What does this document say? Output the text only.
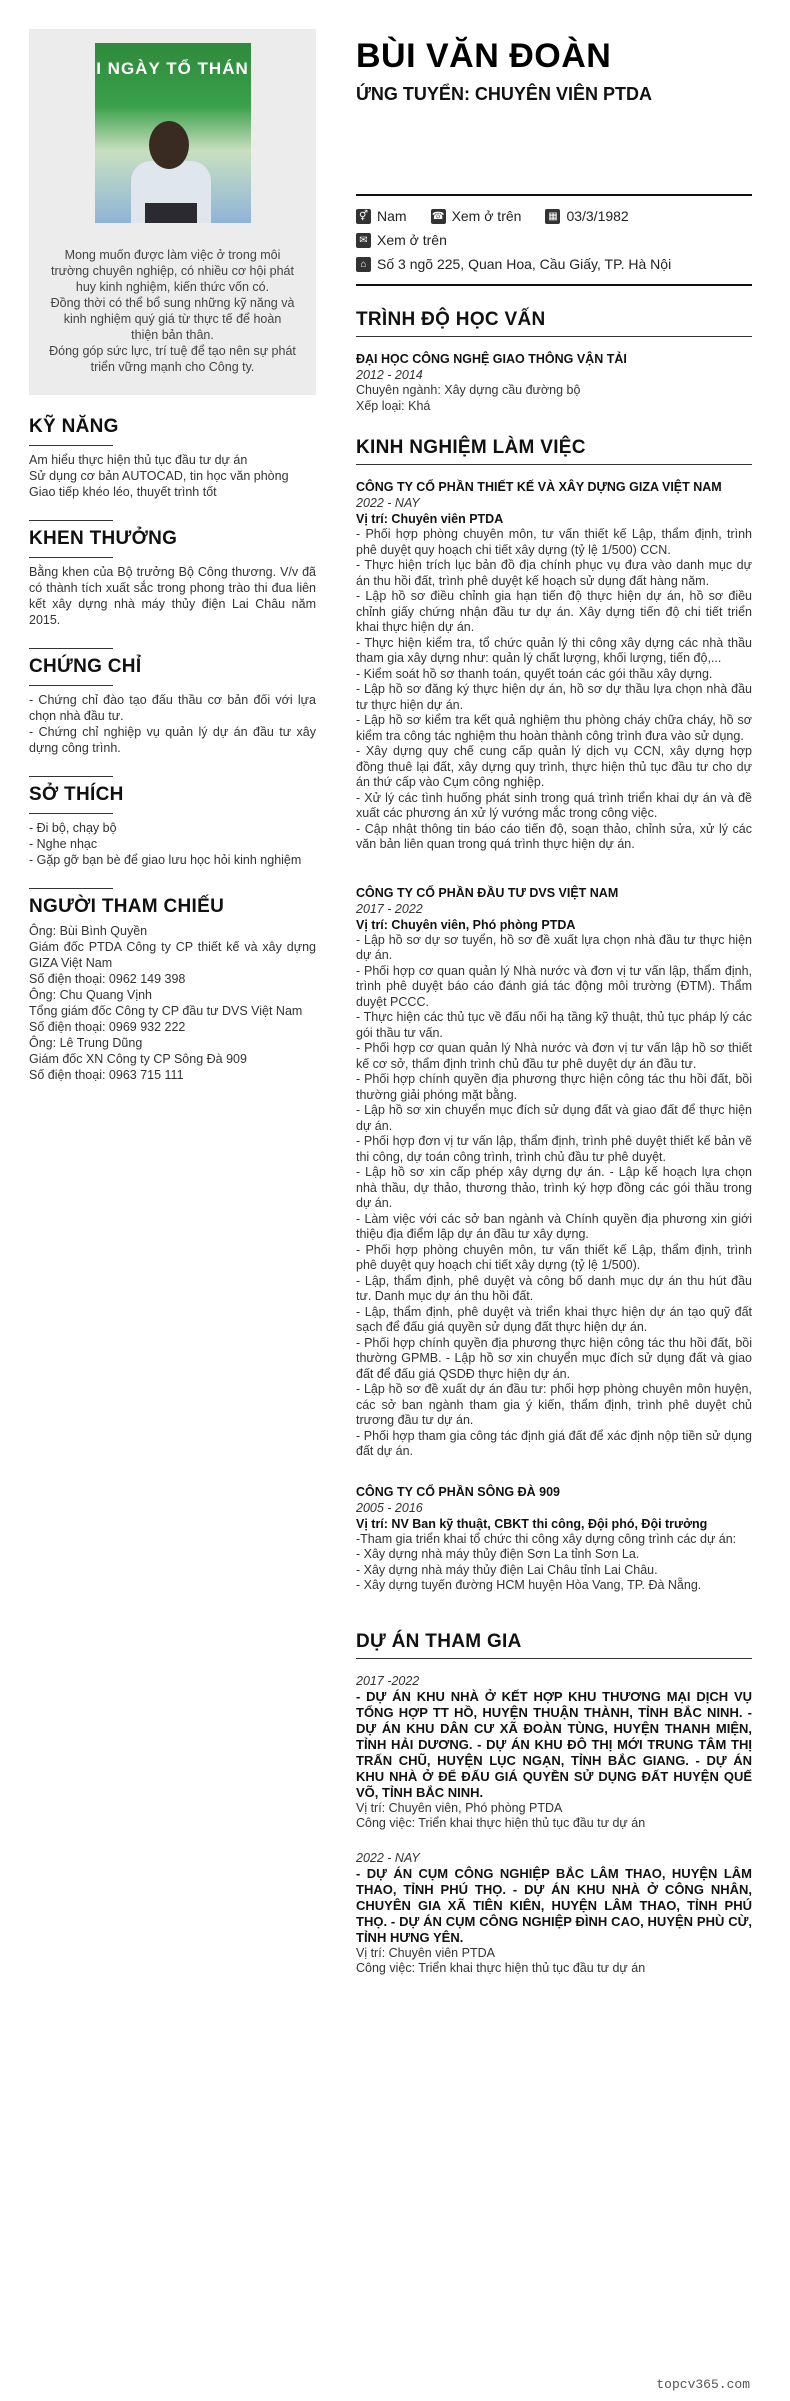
I NGÀY TỔ THÁN
Mong muốn được làm việc ở trong môi trường chuyên nghiệp, có nhiều cơ hội phát huy kinh nghiệm, kiến thức vốn có.
Đồng thời có thể bổ sung những kỹ năng và kinh nghiệm quý giá từ thực tế để hoàn thiện bản thân.
Đóng góp sức lực, trí tuệ để tạo nên sự phát triển vững mạnh cho Công ty.
KỸ NĂNG
Am hiểu thực hiện thủ tục đầu tư dự án
Sử dụng cơ bản AUTOCAD, tin học văn phòng
Giao tiếp khéo léo, thuyết trình tốt
KHEN THƯỞNG
Bằng khen của Bộ trưởng Bộ Công thương. V/v đã có thành tích xuất sắc trong phong trào thi đua liên kết xây dựng nhà máy thủy điện Lai Châu năm 2015.
CHỨNG CHỈ
- Chứng chỉ đào tạo đấu thầu cơ bản đối với lựa chọn nhà đầu tư.
- Chứng chỉ nghiệp vụ quản lý dự án đầu tư xây dựng công trình.
SỞ THÍCH
- Đi bộ, chạy bộ
- Nghe nhạc
- Gặp gỡ bạn bè để giao lưu học hỏi kinh nghiệm
NGƯỜI THAM CHIẾU
Ông: Bùi Bình Quyền
Giám đốc PTDA Công ty CP thiết kế và xây dựng GIZA Việt Nam
Số điện thoại: 0962 149 398
Ông: Chu Quang Vịnh
Tổng giám đốc Công ty CP đầu tư DVS Việt Nam
Số điện thoại: 0969 932 222
Ông: Lê Trung Dũng
Giám đốc XN Công ty CP Sông Đà 909
Số điện thoại: 0963 715 111
BÙI VĂN ĐOÀN
ỨNG TUYỂN: CHUYÊN VIÊN PTDA
⚥ Nam	☎ Xem ở trên	▦ 03/3/1982
✉ Xem ở trên
⌂ Số 3 ngõ 225, Quan Hoa, Cầu Giấy, TP. Hà Nội
TRÌNH ĐỘ HỌC VẤN
ĐẠI HỌC CÔNG NGHỆ GIAO THÔNG VẬN TẢI
2012 - 2014
Chuyên ngành: Xây dựng cầu đường bộ
Xếp loại: Khá
KINH NGHIỆM LÀM VIỆC
CÔNG TY CỔ PHẦN THIẾT KẾ VÀ XÂY DỰNG GIZA VIỆT NAM
2022 - NAY
Vị trí: Chuyên viên PTDA
- Phối hợp phòng chuyên môn, tư vấn thiết kế Lập, thẩm định, trình phê duyệt quy hoạch chi tiết xây dựng (tỷ lệ 1/500) CCN.
- Thực hiện trích lục bản đồ địa chính phục vụ đưa vào danh mục dự án thu hồi đất, trình phê duyệt kế hoạch sử dụng đất hàng năm.
- Lập hồ sơ điều chỉnh gia hạn tiến độ thực hiện dự án, hồ sơ điều chỉnh giấy chứng nhận đầu tư dự án. Xây dựng tiến độ chi tiết triển khai thực hiện dự án.
- Thực hiện kiểm tra, tổ chức quản lý thi công xây dựng các nhà thầu tham gia xây dựng như: quản lý chất lượng, khối lượng, tiến độ,...
- Kiểm soát hồ sơ thanh toán, quyết toán các gói thầu xây dựng.
- Lập hồ sơ đăng ký thực hiện dự án, hồ sơ dự thầu lựa chọn nhà đầu tư thực hiện dự án.
- Lập hồ sơ kiểm tra kết quả nghiệm thu phòng cháy chữa cháy, hồ sơ kiểm tra công tác nghiệm thu hoàn thành công trình đưa vào sử dụng.
- Xây dựng quy chế cung cấp quản lý dịch vụ CCN, xây dựng hợp đồng thuê lại đất, xây dựng quy trình, thực hiện thủ tục đầu tư cho dự án thứ cấp vào Cụm công nghiệp.
- Xử lý các tình huống phát sinh trong quá trình triển khai dự án và đề xuất các phương án xử lý vướng mắc trong công việc.
- Cập nhật thông tin báo cáo tiến độ, soạn thảo, chỉnh sửa, xử lý các văn bản liên quan trong quá trình thực hiện dự án.
CÔNG TY CỔ PHẦN ĐẦU TƯ DVS VIỆT NAM
2017 - 2022
Vị trí: Chuyên viên, Phó phòng PTDA
- Lập hồ sơ dự sơ tuyển, hồ sơ đề xuất lựa chọn nhà đầu tư thực hiện dự án.
- Phối hợp cơ quan quản lý Nhà nước và đơn vị tư vấn lập, thẩm định, trình phê duyệt báo cáo đánh giá tác động môi trường (ĐTM). Thẩm duyệt PCCC.
- Thực hiện các thủ tục về đấu nối hạ tầng kỹ thuật, thủ tục pháp lý các gói thầu tư vấn.
- Phối hợp cơ quan quản lý Nhà nước và đơn vị tư vấn lập hồ sơ thiết kế cơ sở, thẩm định trình chủ đầu tư phê duyệt dự án đầu tư.
- Phối hợp chính quyền địa phương thực hiện công tác thu hồi đất, bồi thường giải phóng mặt bằng.
- Lập hồ sơ xin chuyển mục đích sử dụng đất và giao đất để thực hiện dự án.
- Phối hợp đơn vị tư vấn lập, thẩm định, trình phê duyệt thiết kế bản vẽ thi công, dự toán công trình, trình chủ đầu tư phê duyệt.
- Lập hồ sơ xin cấp phép xây dựng dự án. - Lập kế hoạch lựa chọn nhà thầu, dự thảo, thương thảo, trình ký hợp đồng các gói thầu trong dự án.
- Làm việc với các sở ban ngành và Chính quyền địa phương xin giới thiệu địa điểm lập dự án đầu tư xây dựng.
- Phối hợp phòng chuyên môn, tư vấn thiết kế Lập, thẩm định, trình phê duyệt quy hoạch chi tiết xây dựng (tỷ lệ 1/500).
- Lập, thẩm định, phê duyệt và công bố danh mục dự án thu hút đầu tư. Danh mục dự án thu hồi đất.
- Lập, thẩm định, phê duyệt và triển khai thực hiện dự án tạo quỹ đất sạch để đấu giá quyền sử dụng đất thực hiện dự án.
- Phối hợp chính quyền địa phương thực hiện công tác thu hồi đất, bồi thường GPMB. - Lập hồ sơ xin chuyển mục đích sử dụng đất và giao đất để đấu giá QSDĐ thực hiện dự án.
- Lập hồ sơ đề xuất dự án đầu tư: phối hợp phòng chuyên môn huyện, các sở ban ngành tham gia ý kiến, thẩm định, trình phê duyệt chủ trương đầu tư dự án.
- Phối hợp tham gia công tác định giá đất để xác định nộp tiền sử dụng đất dự án.
CÔNG TY CỔ PHẦN SÔNG ĐÀ 909
2005 - 2016
Vị trí: NV Ban kỹ thuật, CBKT thi công, Đội phó, Đội trưởng
-Tham gia triển khai tổ chức thi công xây dựng công trình các dự án:
- Xây dựng nhà máy thủy điện Sơn La tỉnh Sơn La.
- Xây dựng nhà máy thủy điện Lai Châu tỉnh Lai Châu.
- Xây dựng tuyến đường HCM huyện Hòa Vang, TP. Đà Nẵng.
DỰ ÁN THAM GIA
2017 -2022
- DỰ ÁN KHU NHÀ Ở KẾT HỢP KHU THƯƠNG MẠI DỊCH VỤ TỔNG HỢP TT HỒ, HUYỆN THUẬN THÀNH, TỈNH BẮC NINH. - DỰ ÁN KHU DÂN CƯ XÃ ĐOÀN TÙNG, HUYỆN THANH MIỆN, TỈNH HẢI DƯƠNG. - DỰ ÁN KHU ĐÔ THỊ MỚI TRUNG TÂM THỊ TRẤN CHŨ, HUYỆN LỤC NGẠN, TỈNH BẮC GIANG. - DỰ ÁN KHU NHÀ Ở ĐỂ ĐẤU GIÁ QUYỀN SỬ DỤNG ĐẤT HUYỆN QUẾ VÕ, TỈNH BẮC NINH.
Vị trí: Chuyên viên, Phó phòng PTDA
Công việc: Triển khai thực hiện thủ tục đầu tư dự án
2022 - NAY
- DỰ ÁN CỤM CÔNG NGHIỆP BẮC LÂM THAO, HUYỆN LÂM THAO, TỈNH PHÚ THỌ. - DỰ ÁN KHU NHÀ Ở CÔNG NHÂN, CHUYÊN GIA XÃ TIÊN KIÊN, HUYỆN LÂM THAO, TỈNH PHÚ THỌ. - DỰ ÁN CỤM CÔNG NGHIỆP ĐÌNH CAO, HUYỆN PHÙ CỪ, TỈNH HƯNG YÊN.
Vị trí: Chuyên viên PTDA
Công việc: Triển khai thực hiện thủ tục đầu tư dự án
topcv365.com
